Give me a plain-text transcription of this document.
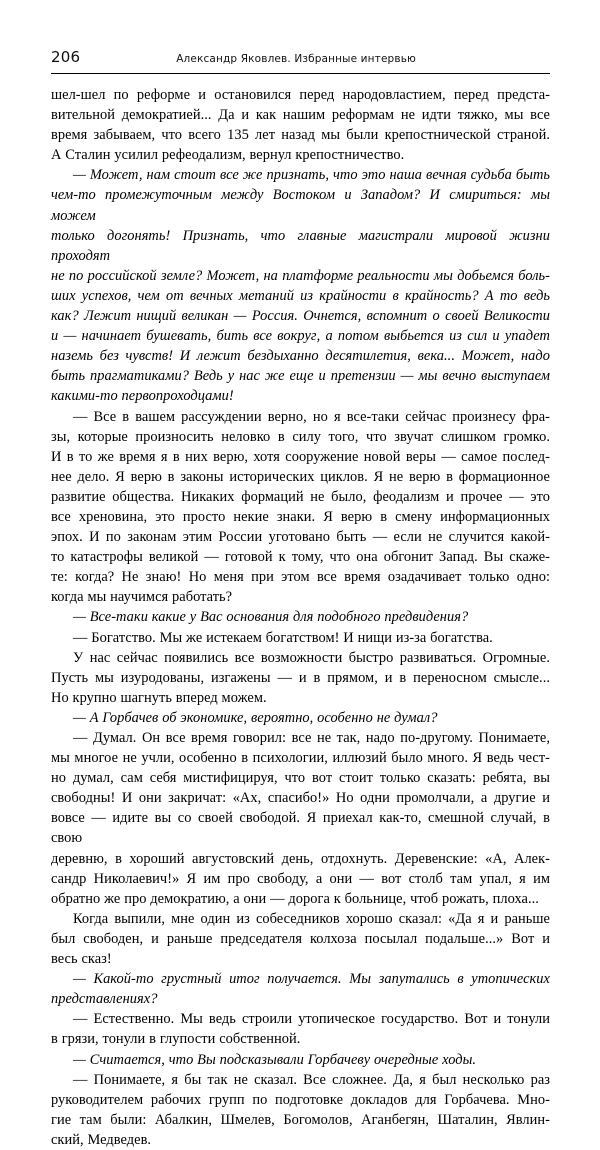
206	Александр Яковлев. Избранные интервью

шел-шел по реформе и остановился перед народовластием, перед предста-
вительной демократией... Да и как нашим реформам не идти тяжко, мы все
время забываем, что всего 135 лет назад мы были крепостнической страной.
А Сталин усилил рефеодализм, вернул крепостничество.

— Может, нам стоит все же признать, что это наша вечная судьба быть
чем-то промежуточным между Востоком и Западом? И смириться: мы можем
только догонять! Признать, что главные магистрали мировой жизни проходят
не по российской земле? Может, на платформе реальности мы добьемся боль-
ших успехов, чем от вечных метаний из крайности в крайность? А то ведь
как? Лежит нищий великан — Россия. Очнется, вспомнит о своей Великости
и — начинает бушевать, бить все вокруг, а потом выбьется из сил и упадет
наземь без чувств! И лежит бездыханно десятилетия, века... Может, надо
быть прагматиками? Ведь у нас же еще и претензии — мы вечно выступаем
какими-то первопроходцами!

— Все в вашем рассуждении верно, но я все-таки сейчас произнесу фра-
зы, которые произносить неловко в силу того, что звучат слишком громко.
И в то же время я в них верю, хотя сооружение новой веры — самое послед-
нее дело. Я верю в законы исторических циклов. Я не верю в формационное
развитие общества. Никаких формаций не было, феодализм и прочее — это
все хреновина, это просто некие знаки. Я верю в смену информационных
эпох. И по законам этим России уготовано быть — если не случится какой-
то катастрофы великой — готовой к тому, что она обгонит Запад. Вы скаже-
те: когда? Не знаю! Но меня при этом все время озадачивает только одно:
когда мы научимся работать?

— Все-таки какие у Вас основания для подобного предвидения?

— Богатство. Мы же истекаем богатством! И нищи из-за богатства.

У нас сейчас появились все возможности быстро развиваться. Огромные.
Пусть мы изуродованы, изгажены — и в прямом, и в переносном смысле...
Но крупно шагнуть вперед можем.

— А Горбачев об экономике, вероятно, особенно не думал?

— Думал. Он все время говорил: все не так, надо по-другому. Понимаете,
мы многое не учли, особенно в психологии, иллюзий было много. Я ведь чест-
но думал, сам себя мистифицируя, что вот стоит только сказать: ребята, вы
свободны! И они закричат: «Ах, спасибо!» Но одни промолчали, а другие и
вовсе — идите вы со своей свободой. Я приехал как-то, смешной случай, в свою
деревню, в хороший августовский день, отдохнуть. Деревенские: «А, Алек-
сандр Николаевич!» Я им про свободу, а они — вот столб там упал, я им
обратно же про демократию, а они — дорога к больнице, чтоб рожать, плоха...

Когда выпили, мне один из собеседников хорошо сказал: «Да я и раньше
был свободен, и раньше председателя колхоза посылал подальше...» Вот и
весь сказ!

— Какой-то грустный итог получается. Мы запутались в утопических
представлениях?

— Естественно. Мы ведь строили утопическое государство. Вот и тонули
в грязи, тонули в глупости собственной.

— Считается, что Вы подсказывали Горбачеву очередные ходы.

— Понимаете, я бы так не сказал. Все сложнее. Да, я был несколько раз
руководителем рабочих групп по подготовке докладов для Горбачева. Мно-
гие там были: Абалкин, Шмелев, Богомолов, Аганбегян, Шаталин, Явлин-
ский, Медведев.
